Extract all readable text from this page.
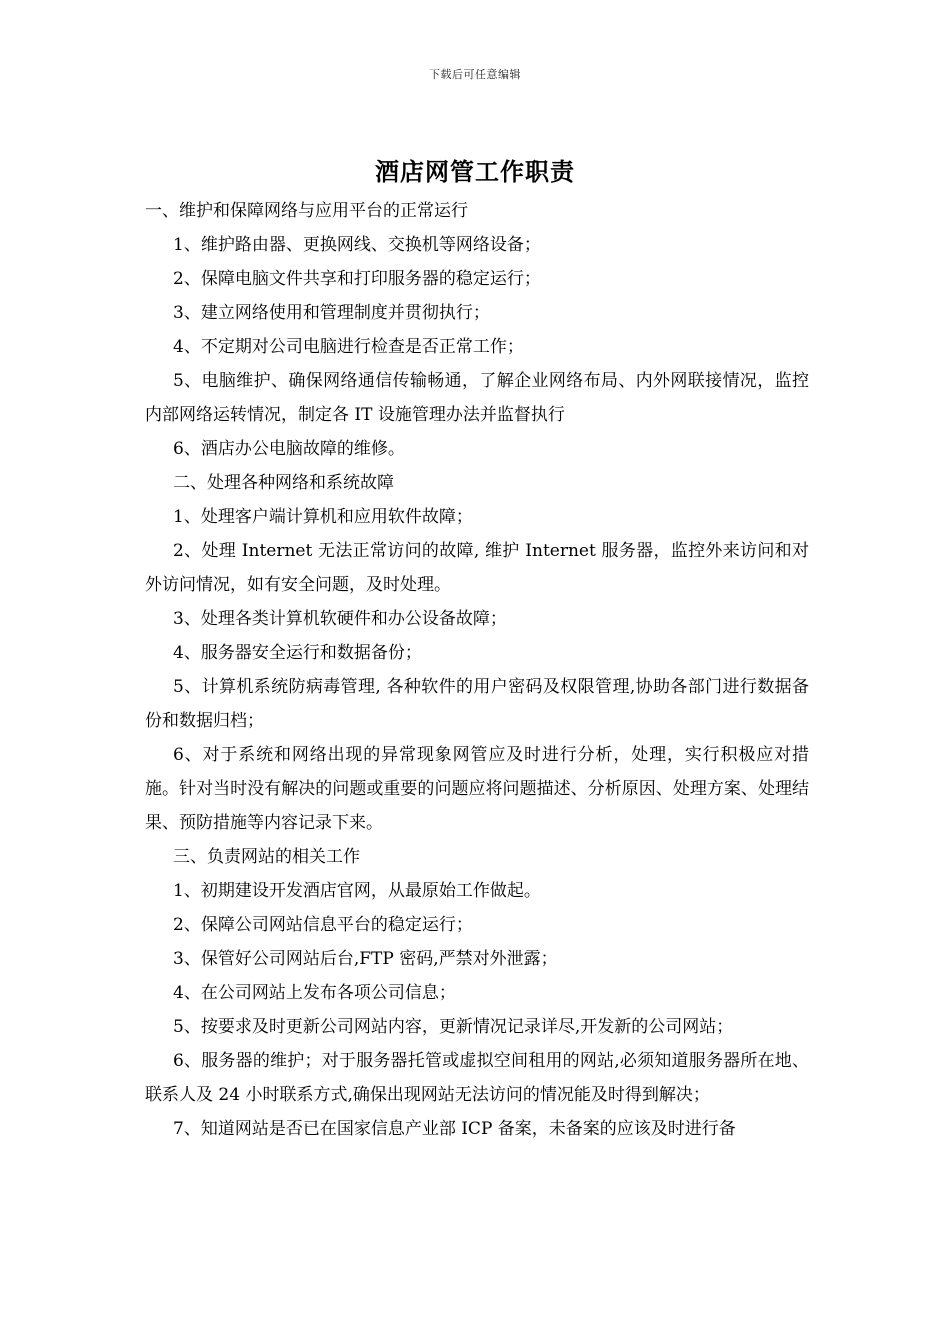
下载后可任意编辑
酒店网管工作职责

一、维护和保障网络与应用平台的正常运行

1、维护路由器、更换网线、交换机等网络设备；

2、保障电脑文件共享和打印服务器的稳定运行；

3、建立网络使用和管理制度并贯彻执行；

4、不定期对公司电脑进行检查是否正常工作；

5、电脑维护、确保网络通信传输畅通，了解企业网络布局、内外网联接情况，监控内部网络运转情况，制定各 IT 设施管理办法并监督执行

6、酒店办公电脑故障的维修。

二、处理各种网络和系统故障

1、处理客户端计算机和应用软件故障；

2、处理 Internet 无法正常访问的故障, 维护 Internet 服务器，监控外来访问和对外访问情况，如有安全问题，及时处理。

3、处理各类计算机软硬件和办公设备故障；

4、服务器安全运行和数据备份；

5、计算机系统防病毒管理, 各种软件的用户密码及权限管理,协助各部门进行数据备份和数据归档；

6、对于系统和网络出现的异常现象网管应及时进行分析，处理，实行积极应对措施。针对当时没有解决的问题或重要的问题应将问题描述、分析原因、处理方案、处理结果、预防措施等内容记录下来。

三、负责网站的相关工作

1、初期建设开发酒店官网，从最原始工作做起。

2、保障公司网站信息平台的稳定运行；

3、保管好公司网站后台,FTP 密码,严禁对外泄露；

4、在公司网站上发布各项公司信息；

5、按要求及时更新公司网站内容，更新情况记录详尽,开发新的公司网站；

6、服务器的维护；对于服务器托管或虚拟空间租用的网站,必须知道服务器所在地、联系人及 24 小时联系方式,确保出现网站无法访问的情况能及时得到解决；

7、知道网站是否已在国家信息产业部 ICP 备案，未备案的应该及时进行备
